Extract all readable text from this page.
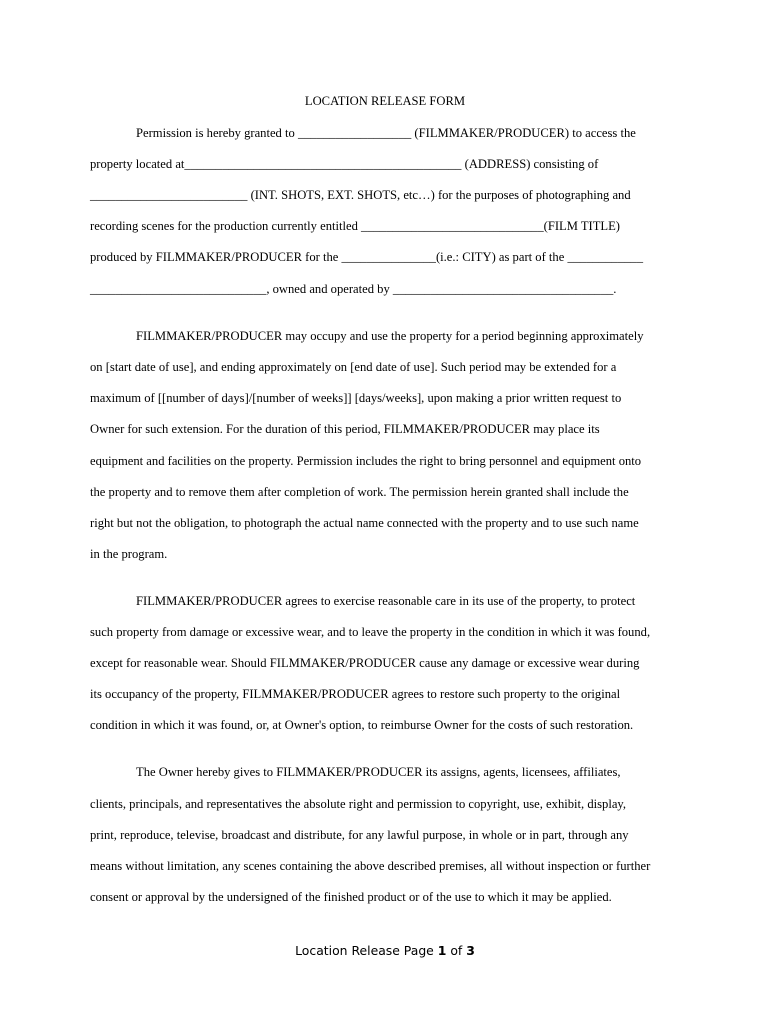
LOCATION RELEASE FORM
Permission is hereby granted to __________________ (FILMMAKER/PRODUCER) to access the
property located at____________________________________________ (ADDRESS) consisting of
_________________________ (INT. SHOTS, EXT. SHOTS, etc…) for the purposes of photographing and
recording scenes for the production currently entitled _____________________________(FILM TITLE)
produced by FILMMAKER/PRODUCER for the _______________(i.e.: CITY) as part of the ____________
____________________________, owned and operated by ___________________________________.
FILMMAKER/PRODUCER may occupy and use the property for a period beginning approximately
on [start date of use], and ending approximately on [end date of use]. Such period may be extended for a
maximum of [[number of days]/[number of weeks]] [days/weeks], upon making a prior written request to
Owner for such extension. For the duration of this period, FILMMAKER/PRODUCER may place its
equipment and facilities on the property. Permission includes the right to bring personnel and equipment onto
the property and to remove them after completion of work. The permission herein granted shall include the
right but not the obligation, to photograph the actual name connected with the property and to use such name
in the program.
FILMMAKER/PRODUCER agrees to exercise reasonable care in its use of the property, to protect
such property from damage or excessive wear, and to leave the property in the condition in which it was found,
except for reasonable wear. Should FILMMAKER/PRODUCER cause any damage or excessive wear during
its occupancy of the property, FILMMAKER/PRODUCER agrees to restore such property to the original
condition in which it was found, or, at Owner's option, to reimburse Owner for the costs of such restoration.
The Owner hereby gives to FILMMAKER/PRODUCER its assigns, agents, licensees, affiliates,
clients, principals, and representatives the absolute right and permission to copyright, use, exhibit, display,
print, reproduce, televise, broadcast and distribute, for any lawful purpose, in whole or in part, through any
means without limitation, any scenes containing the above described premises, all without inspection or further
consent or approval by the undersigned of the finished product or of the use to which it may be applied.
Location Release Page 1 of 3
